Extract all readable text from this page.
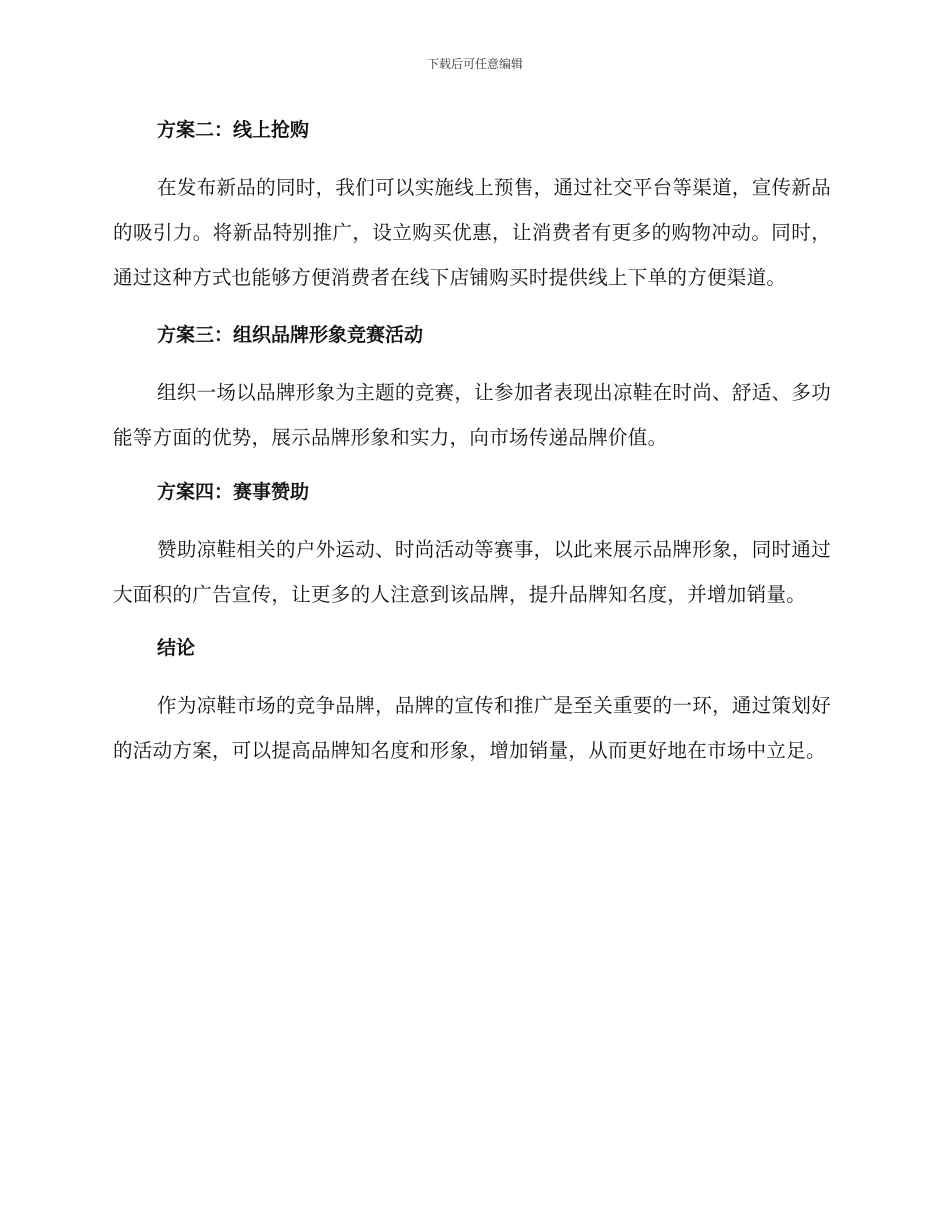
下载后可任意编辑
方案二：线上抢购

在发布新品的同时，我们可以实施线上预售，通过社交平台等渠道，宣传新品的吸引力。将新品特别推广，设立购买优惠，让消费者有更多的购物冲动。同时，通过这种方式也能够方便消费者在线下店铺购买时提供线上下单的方便渠道。

方案三：组织品牌形象竞赛活动

组织一场以品牌形象为主题的竞赛，让参加者表现出凉鞋在时尚、舒适、多功能等方面的优势，展示品牌形象和实力，向市场传递品牌价值。

方案四：赛事赞助

赞助凉鞋相关的户外运动、时尚活动等赛事，以此来展示品牌形象，同时通过大面积的广告宣传，让更多的人注意到该品牌，提升品牌知名度，并增加销量。

结论

作为凉鞋市场的竞争品牌，品牌的宣传和推广是至关重要的一环，通过策划好的活动方案，可以提高品牌知名度和形象，增加销量，从而更好地在市场中立足。
